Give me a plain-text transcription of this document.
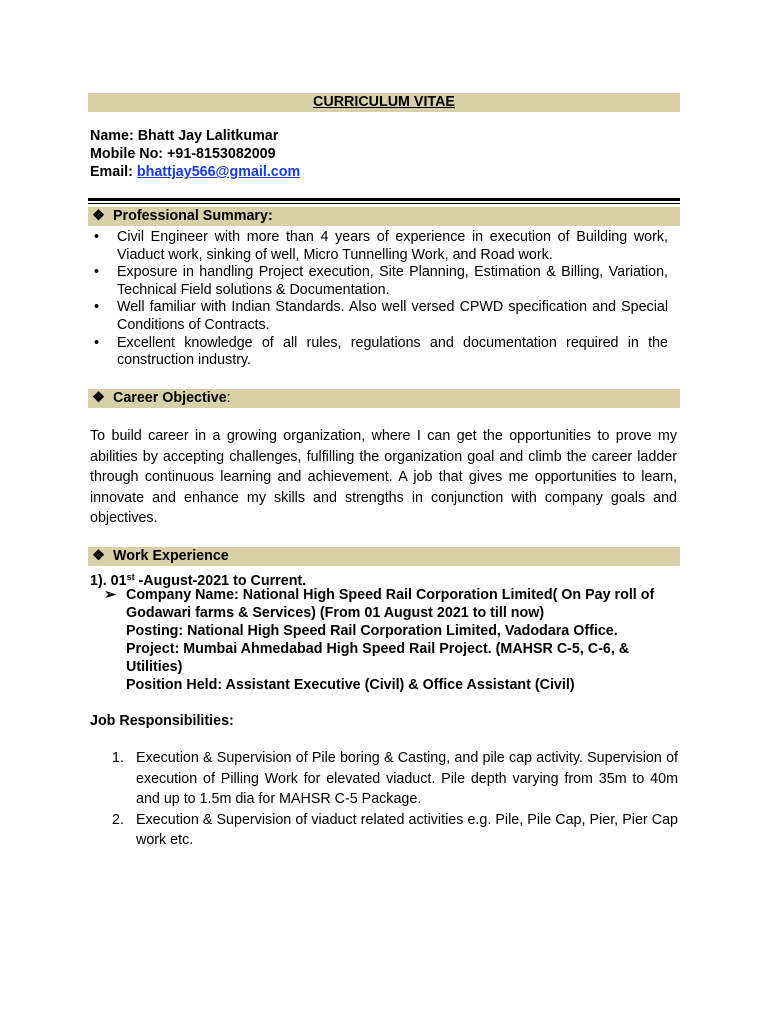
CURRICULUM VITAE
Name: Bhatt Jay Lalitkumar
Mobile No: +91-8153082009
Email: bhattjay566@gmail.com
❖ Professional Summary:
• Civil Engineer with more than 4 years of experience in execution of Building work, Viaduct work, sinking of well, Micro Tunnelling Work, and Road work.
• Exposure in handling Project execution, Site Planning, Estimation & Billing, Variation, Technical Field solutions & Documentation.
• Well familiar with Indian Standards. Also well versed CPWD specification and Special Conditions of Contracts.
• Excellent knowledge of all rules, regulations and documentation required in the construction industry.
❖ Career Objective:

To build career in a growing organization, where I can get the opportunities to prove my abilities by accepting challenges, fulfilling the organization goal and climb the career ladder through continuous learning and achievement. A job that gives me opportunities to learn, innovate and enhance my skills and strengths in conjunction with company goals and objectives.

❖ Work Experience
1). 01st -August-2021 to Current.
➢ Company Name: National High Speed Rail Corporation Limited( On Pay roll of Godawari farms & Services) (From 01 August 2021 to till now)
Posting: National High Speed Rail Corporation Limited, Vadodara Office.
Project: Mumbai Ahmedabad High Speed Rail Project. (MAHSR C-5, C-6, & Utilities)
Position Held: Assistant Executive (Civil) & Office Assistant (Civil)
Job Responsibilities:
1. Execution & Supervision of Pile boring & Casting, and pile cap activity. Supervision of execution of Pilling Work for elevated viaduct. Pile depth varying from 35m to 40m and up to 1.5m dia for MAHSR C-5 Package.
2. Execution & Supervision of viaduct related activities e.g. Pile, Pile Cap, Pier, Pier Cap work etc.
